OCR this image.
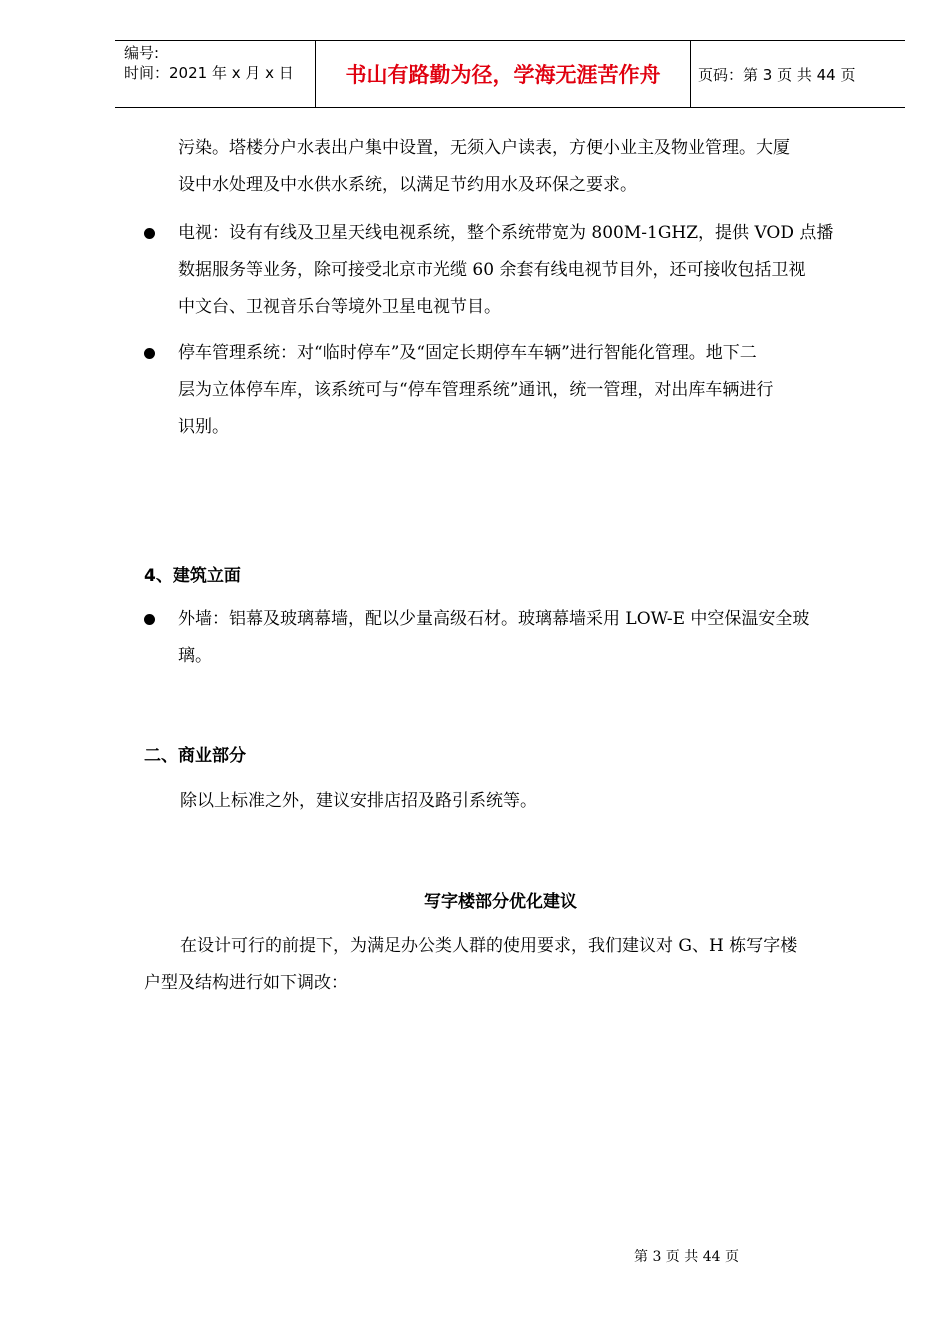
编号:
时间：2021 年 x 月 x 日	书山有路勤为径，学海无涯苦作舟	页码：第 3 页 共 44 页
污染。塔楼分户水表出户集中设置，无须入户读表，方便小业主及物业管理。大厦
设中水处理及中水供水系统，以满足节约用水及环保之要求。
电视：设有有线及卫星天线电视系统，整个系统带宽为 800M-1GHZ，提供 VOD 点播
数据服务等业务，除可接受北京市光缆 60 余套有线电视节目外，还可接收包括卫视
中文台、卫视音乐台等境外卫星电视节目。
停车管理系统：对“临时停车”及“固定长期停车车辆”进行智能化管理。地下二
层为立体停车库，该系统可与“停车管理系统”通讯，统一管理，对出库车辆进行
识别。
4、建筑立面
外墙：铝幕及玻璃幕墙，配以少量高级石材。玻璃幕墙采用 LOW-E 中空保温安全玻
璃。
二、商业部分
除以上标准之外，建议安排店招及路引系统等。
写字楼部分优化建议
在设计可行的前提下，为满足办公类人群的使用要求，我们建议对 G、H 栋写字楼
户型及结构进行如下调改：
第 3 页 共 44 页
